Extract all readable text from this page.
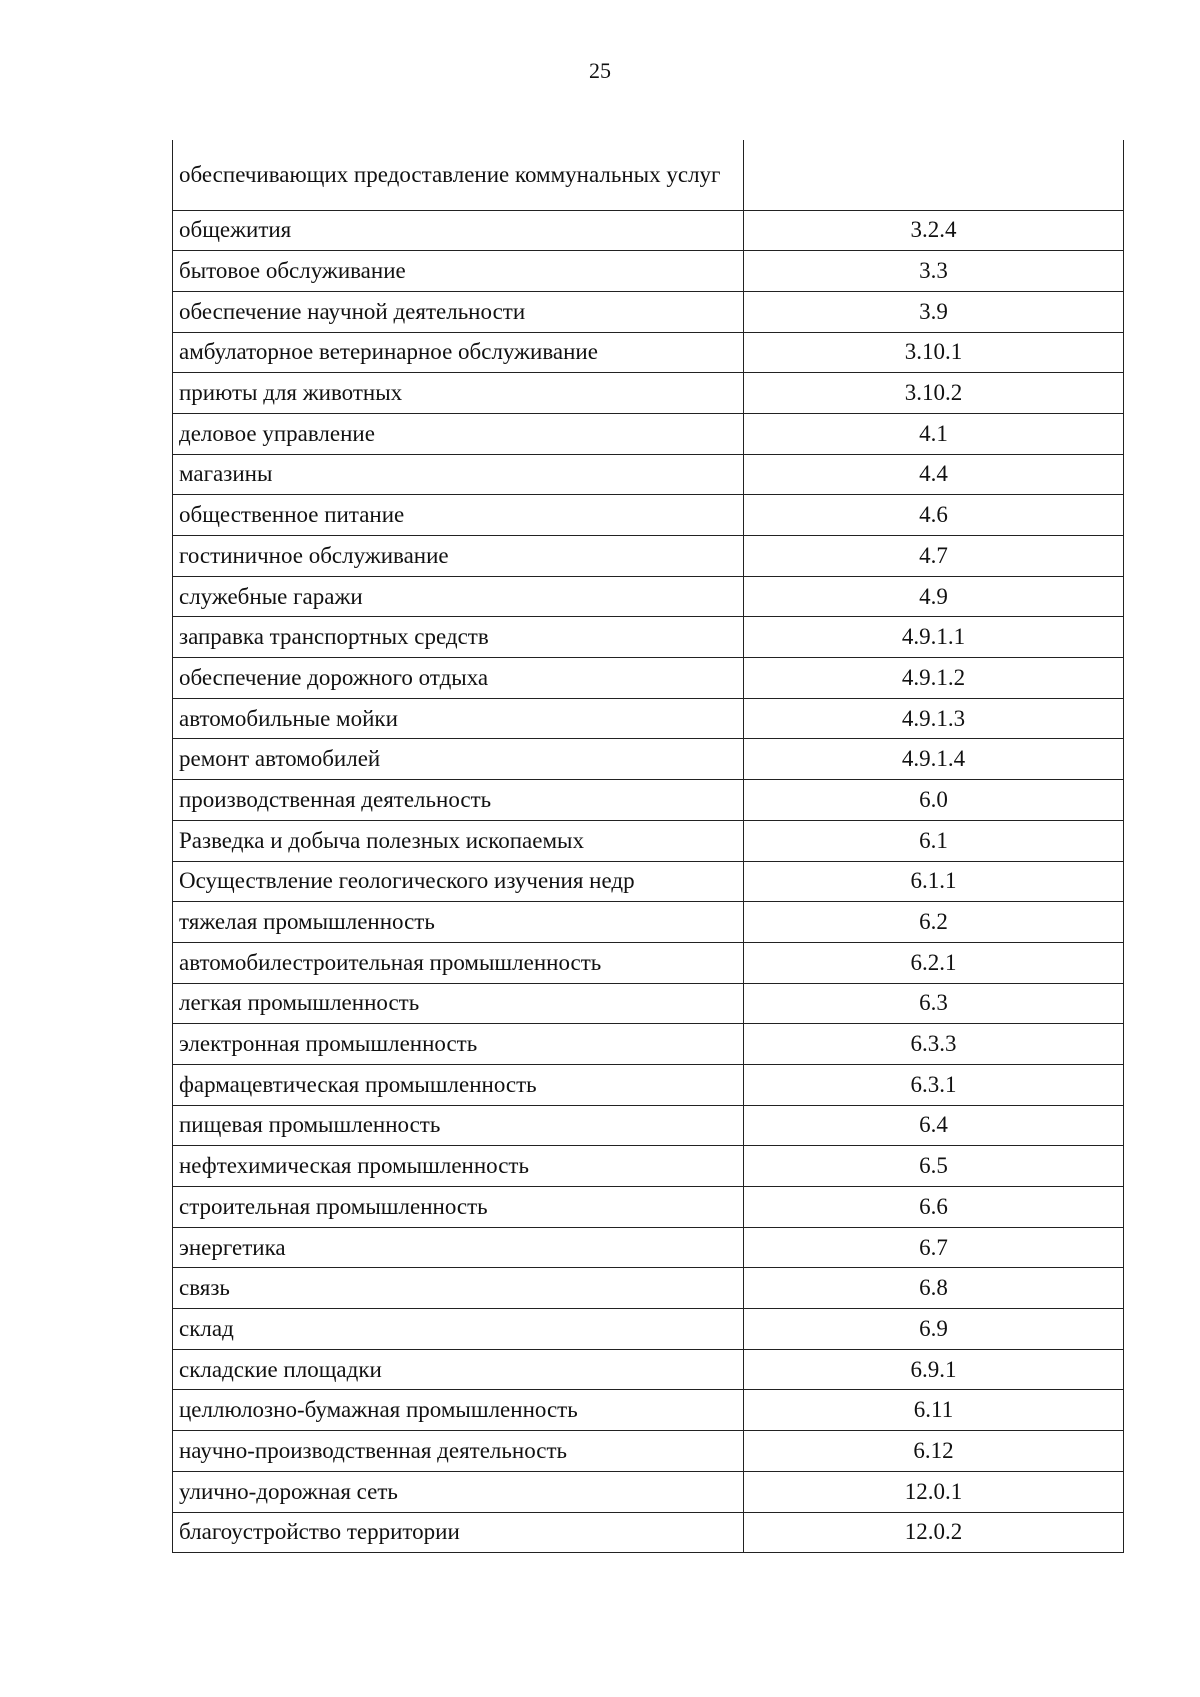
25
обеспечивающих предоставление коммунальных услуг	
общежития	3.2.4
бытовое обслуживание	3.3
обеспечение научной деятельности	3.9
амбулаторное ветеринарное обслуживание	3.10.1
приюты для животных	3.10.2
деловое управление	4.1
магазины	4.4
общественное питание	4.6
гостиничное обслуживание	4.7
служебные гаражи	4.9
заправка транспортных средств	4.9.1.1
обеспечение дорожного отдыха	4.9.1.2
автомобильные мойки	4.9.1.3
ремонт автомобилей	4.9.1.4
производственная деятельность	6.0
Разведка и добыча полезных ископаемых	6.1
Осуществление геологического изучения недр	6.1.1
тяжелая промышленность	6.2
автомобилестроительная промышленность	6.2.1
легкая промышленность	6.3
электронная промышленность	6.3.3
фармацевтическая промышленность	6.3.1
пищевая промышленность	6.4
нефтехимическая промышленность	6.5
строительная промышленность	6.6
энергетика	6.7
связь	6.8
склад	6.9
складские площадки	6.9.1
целлюлозно-бумажная промышленность	6.11
научно-производственная деятельность	6.12
улично-дорожная сеть	12.0.1
благоустройство территории	12.0.2
